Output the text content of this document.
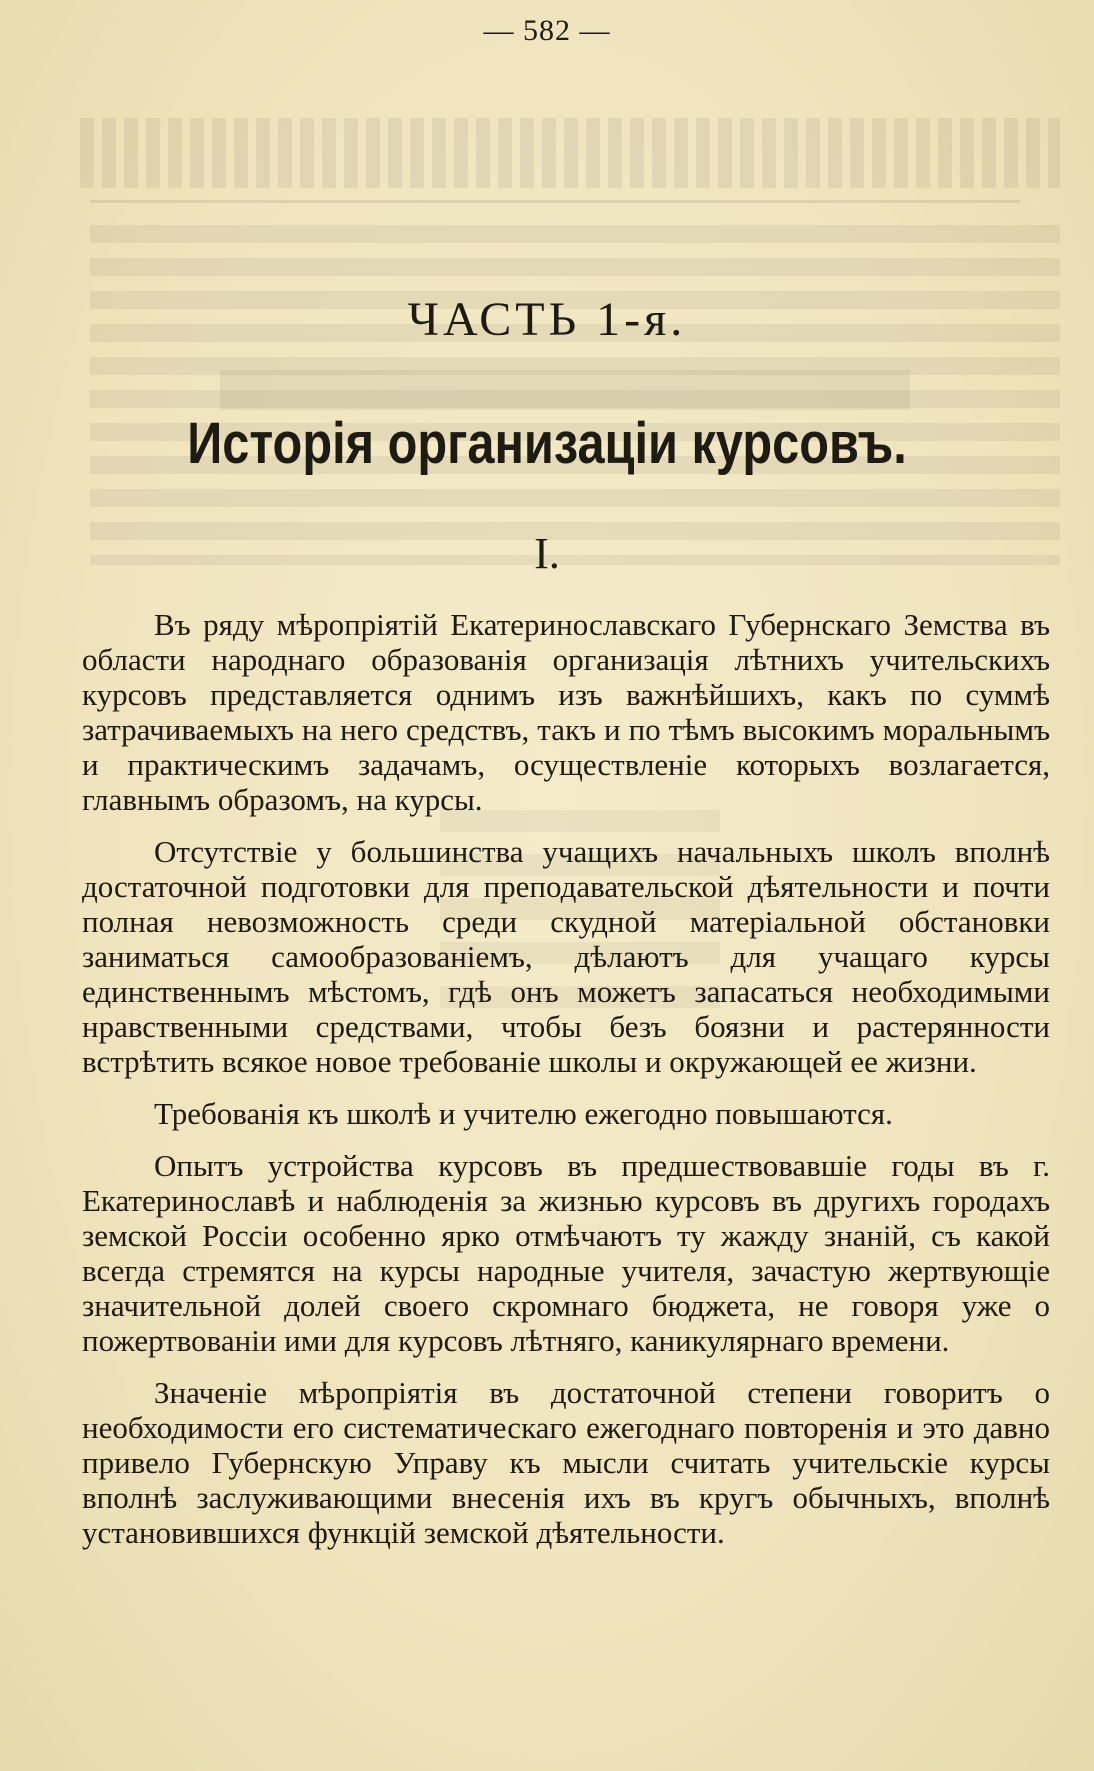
— 582 —
ЧАСТЬ 1-я.
Исторія организаціи курсовъ.
I.

Въ ряду мѣропріятій Екатеринославскаго Губернскаго Земства въ области народнаго образованія организація лѣтнихъ учительскихъ курсовъ представляется однимъ изъ важнѣйшихъ, какъ по суммѣ затрачиваемыхъ на него средствъ, такъ и по тѣмъ высокимъ моральнымъ и практическимъ задачамъ, осуществленіе которыхъ возлагается, главнымъ образомъ, на курсы.

Отсутствіе у большинства учащихъ начальныхъ школъ вполнѣ достаточной подготовки для преподавательской дѣятельности и почти полная невозможность среди скудной матеріальной обстановки заниматься самообразованіемъ, дѣлаютъ для учащаго курсы единственнымъ мѣстомъ, гдѣ онъ можетъ запасаться необходимыми нравственными средствами, чтобы безъ боязни и растерянности встрѣтить всякое новое требованіе школы и окружающей ее жизни.

Требованія къ школѣ и учителю ежегодно повышаются.

Опытъ устройства курсовъ въ предшествовавшіе годы въ г. Екатеринославѣ и наблюденія за жизнью курсовъ въ другихъ городахъ земской Россіи особенно ярко отмѣчаютъ ту жажду знаній, съ какой всегда стремятся на курсы народные учителя, зачастую жертвующіе значительной долей своего скромнаго бюджета, не говоря уже о пожертвованіи ими для курсовъ лѣтняго, каникулярнаго времени.

Значеніе мѣропріятія въ достаточной степени говоритъ о необходимости его систематическаго ежегоднаго повторенія и это давно привело Губернскую Управу къ мысли считать учительскіе курсы вполнѣ заслуживающими внесенія ихъ въ кругъ обычныхъ, вполнѣ установившихся функцій земской дѣятельности.
